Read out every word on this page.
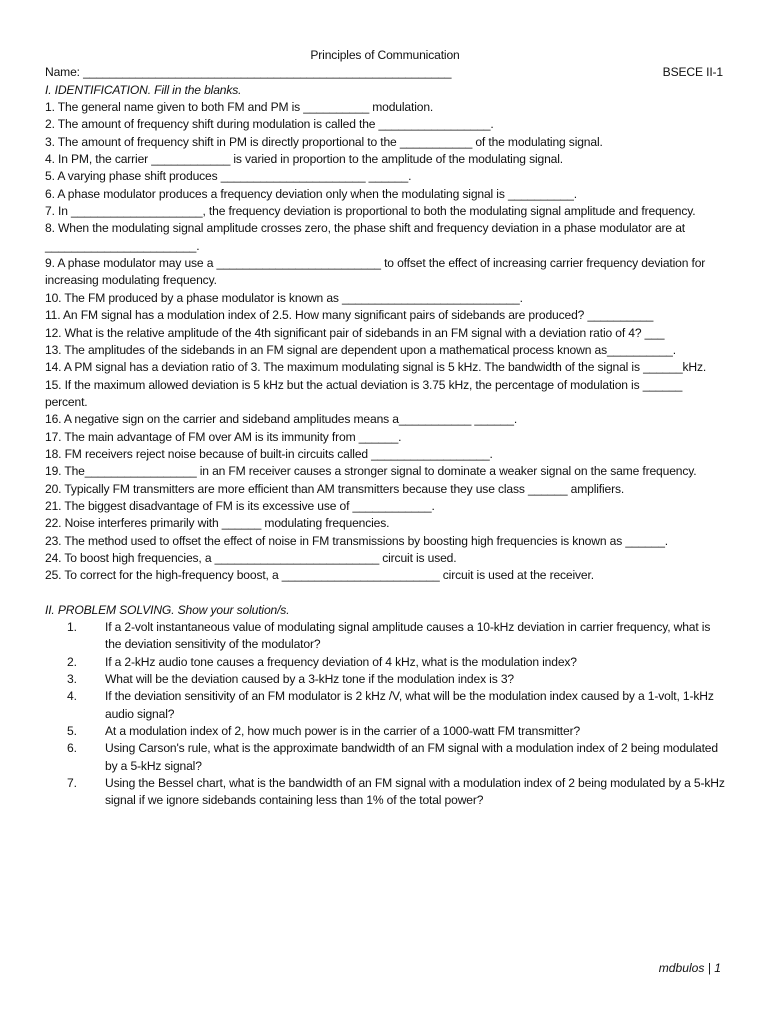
Principles of Communication

Name: ________________________________________________________	BSECE II-1

I. IDENTIFICATION. Fill in the blanks.

1. The general name given to both FM and PM is __________ modulation.
2. The amount of frequency shift during modulation is called the _________________.
3. The amount of frequency shift in PM is directly proportional to the ___________ of the modulating signal.
4. In PM, the carrier ____________ is varied in proportion to the amplitude of the modulating signal.
5. A varying phase shift produces ______________________ ______.
6. A phase modulator produces a frequency deviation only when the modulating signal is __________.
7. In ____________________, the frequency deviation is proportional to both the modulating signal amplitude and frequency.
8. When the modulating signal amplitude crosses zero, the phase shift and frequency deviation in a phase modulator are at _______________________.
9. A phase modulator may use a _________________________ to offset the effect of increasing carrier frequency deviation for increasing modulating frequency.
10. The FM produced by a phase modulator is known as ___________________________.
11. An FM signal has a modulation index of 2.5. How many significant pairs of sidebands are produced? __________
12. What is the relative amplitude of the 4th significant pair of sidebands in an FM signal with a deviation ratio of 4? ___
13. The amplitudes of the sidebands in an FM signal are dependent upon a mathematical process known as__________.
14. A PM signal has a deviation ratio of 3. The maximum modulating signal is 5 kHz. The bandwidth of the signal is ______kHz.
15. If the maximum allowed deviation is 5 kHz but the actual deviation is 3.75 kHz, the percentage of modulation is ______ percent.
16. A negative sign on the carrier and sideband amplitudes means a___________ ______.
17. The main advantage of FM over AM is its immunity from ______.
18. FM receivers reject noise because of built-in circuits called __________________.
19. The_________________ in an FM receiver causes a stronger signal to dominate a weaker signal on the same frequency.
20. Typically FM transmitters are more efficient than AM transmitters because they use class ______ amplifiers.
21. The biggest disadvantage of FM is its excessive use of ____________.
22. Noise interferes primarily with ______ modulating frequencies.
23. The method used to offset the effect of noise in FM transmissions by boosting high frequencies is known as ______.
24. To boost high frequencies, a _________________________ circuit is used.
25. To correct for the high-frequency boost, a ________________________ circuit is used at the receiver.

II. PROBLEM SOLVING. Show your solution/s.

1.	If a 2-volt instantaneous value of modulating signal amplitude causes a 10-kHz deviation in carrier frequency, what is the deviation sensitivity of the modulator?
2.	If a 2-kHz audio tone causes a frequency deviation of 4 kHz, what is the modulation index?
3.	What will be the deviation caused by a 3-kHz tone if the modulation index is 3?
4.	If the deviation sensitivity of an FM modulator is 2 kHz /V, what will be the modulation index caused by a 1-volt, 1-kHz audio signal?
5.	At a modulation index of 2, how much power is in the carrier of a 1000-watt FM transmitter?
6.	Using Carson's rule, what is the approximate bandwidth of an FM signal with a modulation index of 2 being modulated by a 5-kHz signal?
7.	Using the Bessel chart, what is the bandwidth of an FM signal with a modulation index of 2 being modulated by a 5-kHz signal if we ignore sidebands containing less than 1% of the total power?
mdbulos | 1
